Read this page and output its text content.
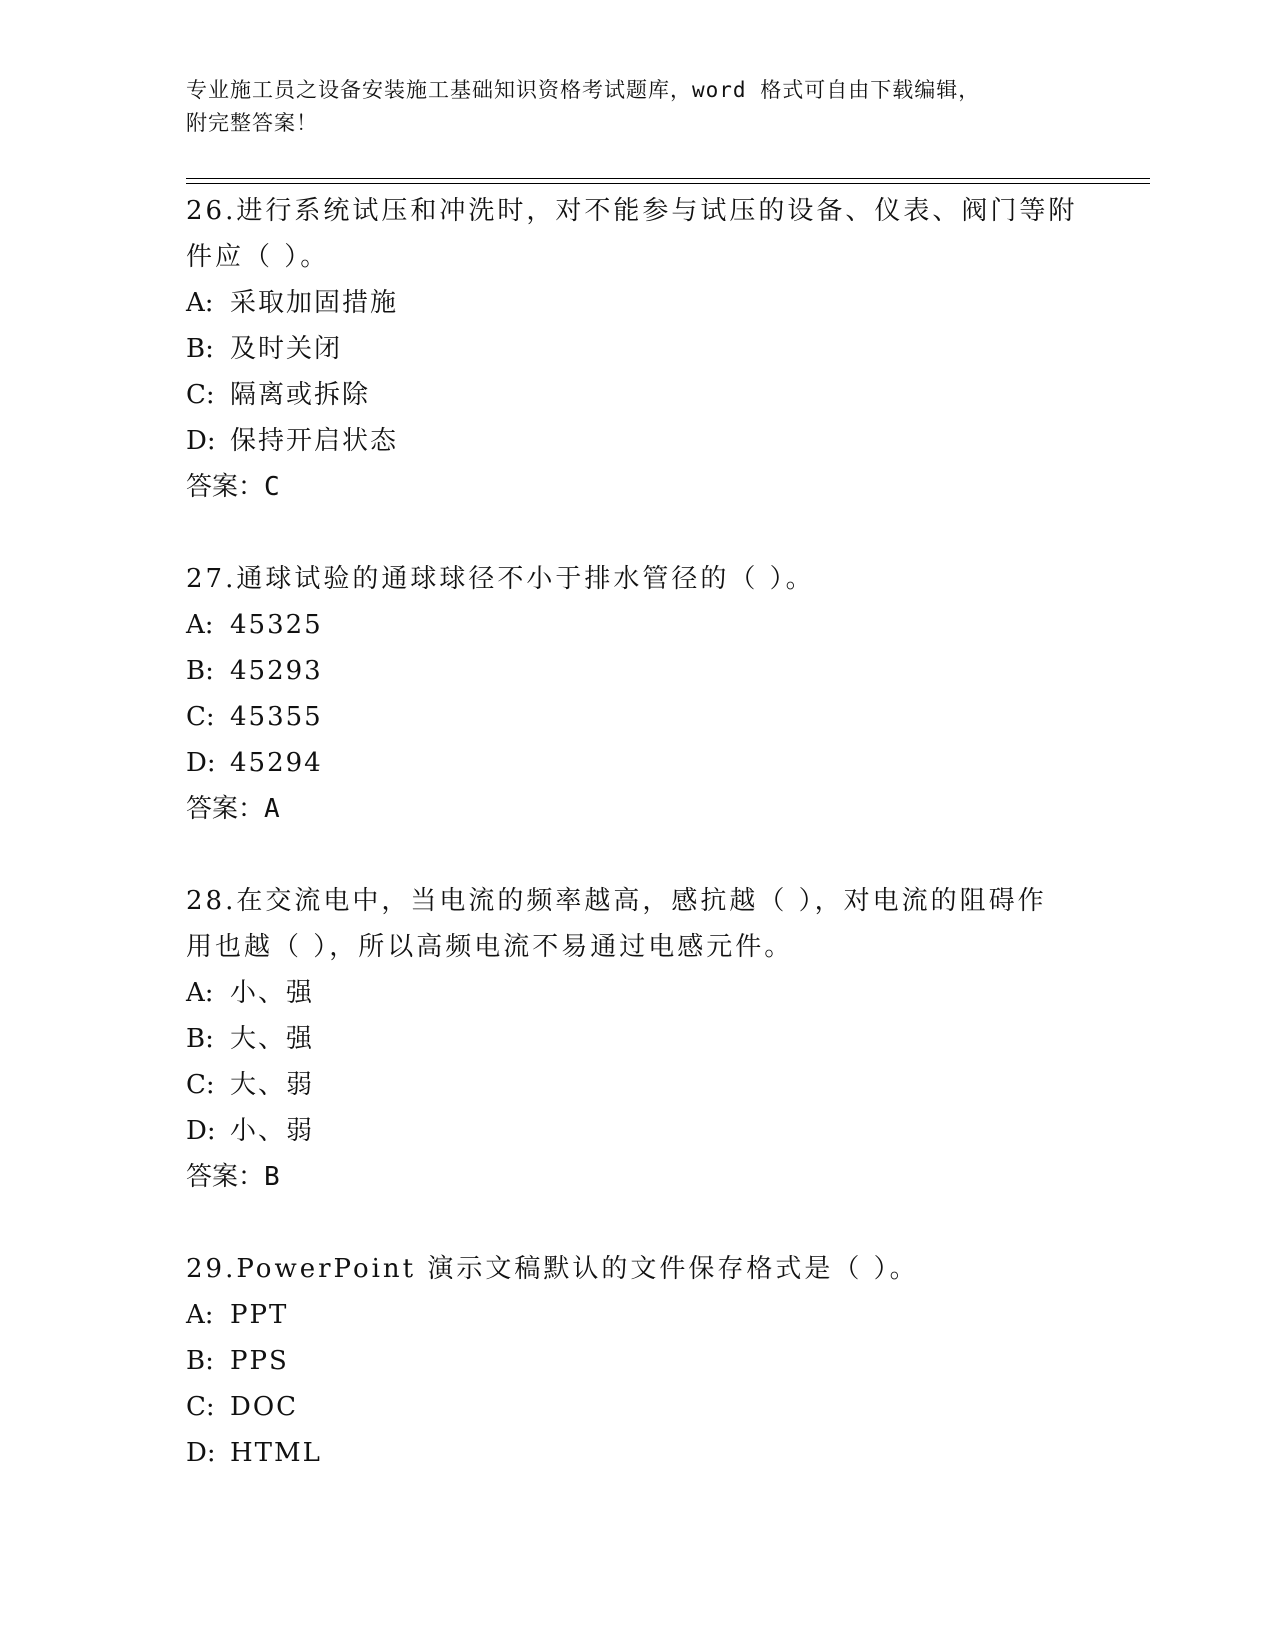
专业施工员之设备安装施工基础知识资格考试题库，word 格式可自由下载编辑，
附完整答案！
26.进行系统试压和冲洗时，对不能参与试压的设备、仪表、阀门等附
件应（ ）。
A: 采取加固措施
B: 及时关闭
C: 隔离或拆除
D: 保持开启状态
答案：C
27.通球试验的通球球径不小于排水管径的（ ）。
A: 45325
B: 45293
C: 45355
D: 45294
答案：A
28.在交流电中，当电流的频率越高，感抗越（ ），对电流的阻碍作
用也越（ ），所以高频电流不易通过电感元件。
A: 小、强
B: 大、强
C: 大、弱
D: 小、弱
答案：B
29.PowerPoint 演示文稿默认的文件保存格式是（ ）。
A: PPT
B: PPS
C: DOC
D: HTML
